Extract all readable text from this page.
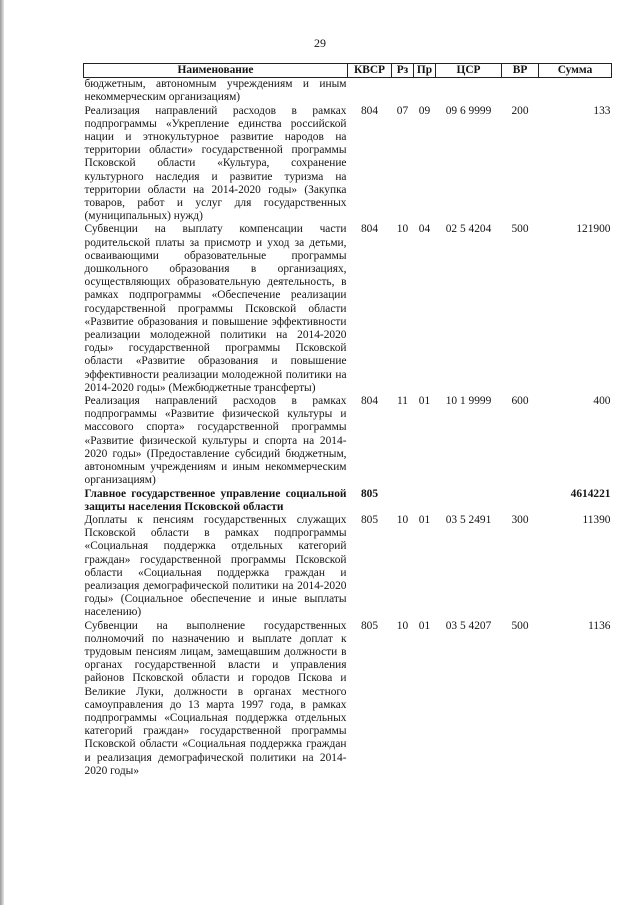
29
Наименование	КВСР	Рз	Пр	ЦСР	ВР	Сумма
бюджетным, автономным учреждениям и иным некоммерческим организациям)						
Реализация направлений расходов в рамках подпрограммы «Укрепление единства российской нации и этнокультурное развитие народов на территории области» государственной программы Псковской области «Культура, сохранение культурного наследия и развитие туризма на территории области на 2014-2020 годы» (Закупка товаров, работ и услуг для государственных (муниципальных) нужд)	804	07	09	09 6 9999	200	133
Субвенции на выплату компенсации части родительской платы за присмотр и уход за детьми, осваивающими образовательные программы дошкольного образования в организациях, осуществляющих образовательную деятельность, в рамках подпрограммы «Обеспечение реализации государственной программы Псковской области «Развитие образования и повышение эффективности реализации молодежной политики на 2014-2020 годы» государственной программы Псковской области «Развитие образования и повышение эффективности реализации молодежной политики на 2014-2020 годы» (Межбюджетные трансферты)	804	10	04	02 5 4204	500	121900
Реализация направлений расходов в рамках подпрограммы «Развитие физической культуры и массового спорта» государственной программы «Развитие физической культуры и спорта на 2014-2020 годы» (Предоставление субсидий бюджетным, автономным учреждениям и иным некоммерческим организациям)	804	11	01	10 1 9999	600	400
Главное государственное управление социальной защиты населения Псковской области	805					4614221
Доплаты к пенсиям государственных служащих Псковской области в рамках подпрограммы «Социальная поддержка отдельных категорий граждан» государственной программы Псковской области «Социальная поддержка граждан и реализация демографической политики на 2014-2020 годы» (Социальное обеспечение и иные выплаты населению)	805	10	01	03 5 2491	300	11390
Субвенции на выполнение государственных полномочий по назначению и выплате доплат к трудовым пенсиям лицам, замещавшим должности в органах государственной власти и управления районов Псковской области и городов Пскова и Великие Луки, должности в органах местного самоуправления до 13 марта 1997 года, в рамках подпрограммы «Социальная поддержка отдельных категорий граждан» государственной программы Псковской области «Социальная поддержка граждан и реализация демографической политики на 2014-2020 годы»	805	10	01	03 5 4207	500	1136
